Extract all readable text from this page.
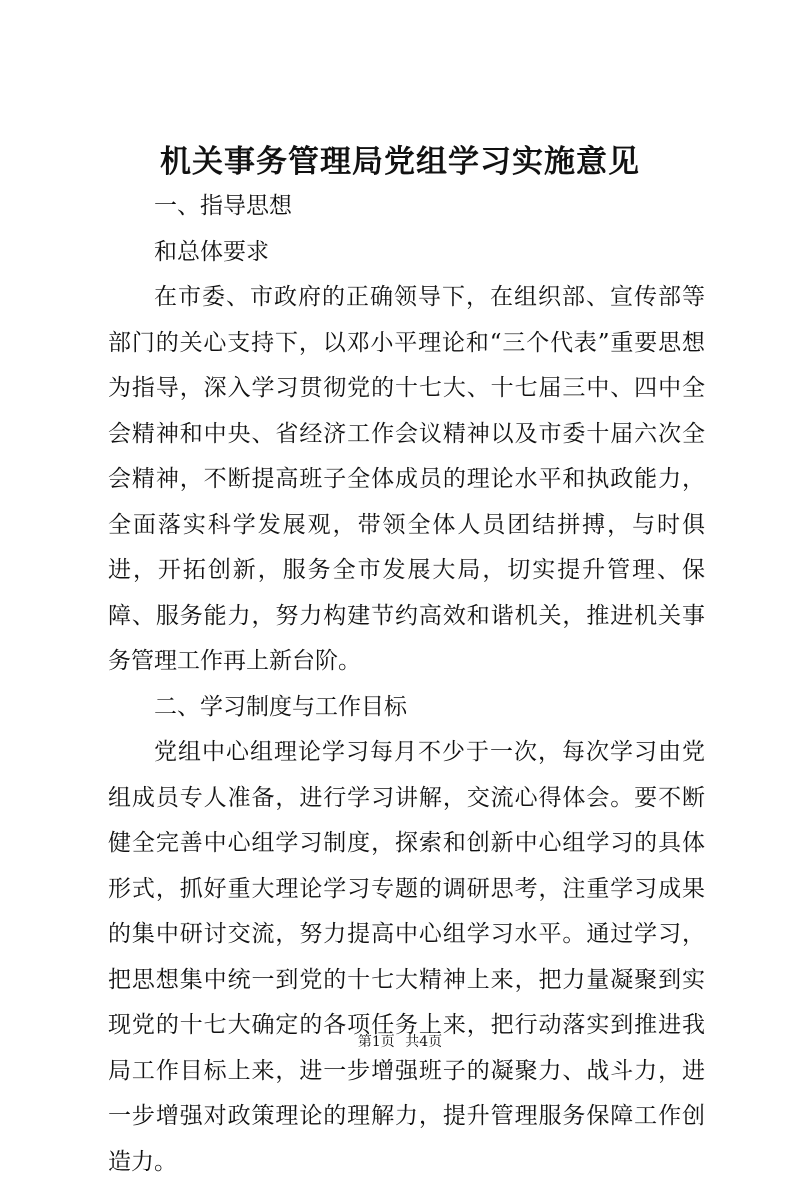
机关事务管理局党组学习实施意见

一、指导思想

和总体要求

在市委、市政府的正确领导下，在组织部、宣传部等部门的关心支持下，以邓小平理论和“三个代表”重要思想为指导，深入学习贯彻党的十七大、十七届三中、四中全会精神和中央、省经济工作会议精神以及市委十届六次全会精神，不断提高班子全体成员的理论水平和执政能力，全面落实科学发展观，带领全体人员团结拼搏，与时俱进，开拓创新，服务全市发展大局，切实提升管理、保障、服务能力，努力构建节约高效和谐机关，推进机关事务管理工作再上新台阶。

二、学习制度与工作目标

党组中心组理论学习每月不少于一次，每次学习由党组成员专人准备，进行学习讲解，交流心得体会。要不断健全完善中心组学习制度，探索和创新中心组学习的具体形式，抓好重大理论学习专题的调研思考，注重学习成果的集中研讨交流，努力提高中心组学习水平。通过学习，把思想集中统一到党的十七大精神上来，把力量凝聚到实现党的十七大确定的各项任务上来，把行动落实到推进我局工作目标上来，进一步增强班子的凝聚力、战斗力，进一步增强对政策理论的理解力，提升管理服务保障工作创造力。

第1页 共4页
